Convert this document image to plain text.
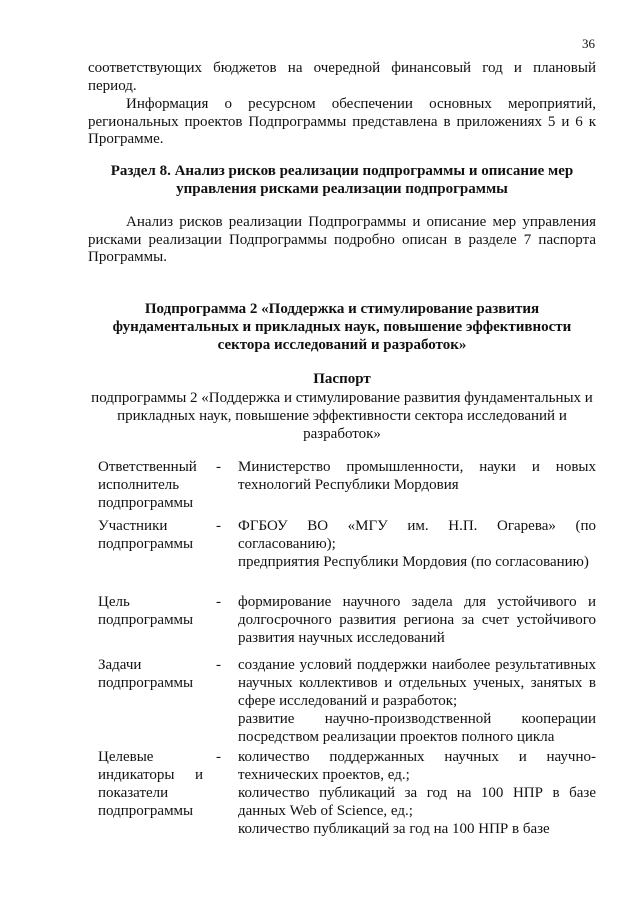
36

соответствующих бюджетов на очередной финансовый год и плановый период.

Информация о ресурсном обеспечении основных мероприятий, региональных проектов Подпрограммы представлена в приложениях 5 и 6 к Программе.

Раздел 8. Анализ рисков реализации подпрограммы и описание мер управления рисками реализации подпрограммы

Анализ рисков реализации Подпрограммы и описание мер управления рисками реализации Подпрограммы подробно описан в разделе 7 паспорта Программы.

Подпрограмма 2 «Поддержка и стимулирование развития фундаментальных и прикладных наук, повышение эффективности сектора исследований и разработок»
Паспорт

подпрограммы 2 «Поддержка и стимулирование развития фундаментальных и прикладных наук, повышение эффективности сектора исследований и разработок»

Ответственный исполнитель подпрограммы
- Министерство промышленности, науки и новых технологий Республики Мордовия

Участники подпрограммы
- ФГБОУ ВО «МГУ им. Н.П. Огарева» (по согласованию);

предприятия Республики Мордовия (по согласованию)

Цель подпрограммы
- формирование научного задела для устойчивого и долгосрочного развития региона за счет устойчивого развития научных исследований

Задачи подпрограммы
- создание условий поддержки наиболее результативных научных коллективов и отдельных ученых, занятых в сфере исследований и разработок;

развитие научно-производственной кооперации посредством реализации проектов полного цикла

Целевые индикаторы и показатели подпрограммы
- количество поддержанных научных и научно-технических проектов, ед.;

количество публикаций за год на 100 НПР в базе данных Web of Science, ед.;

количество публикаций за год на 100 НПР в базе
